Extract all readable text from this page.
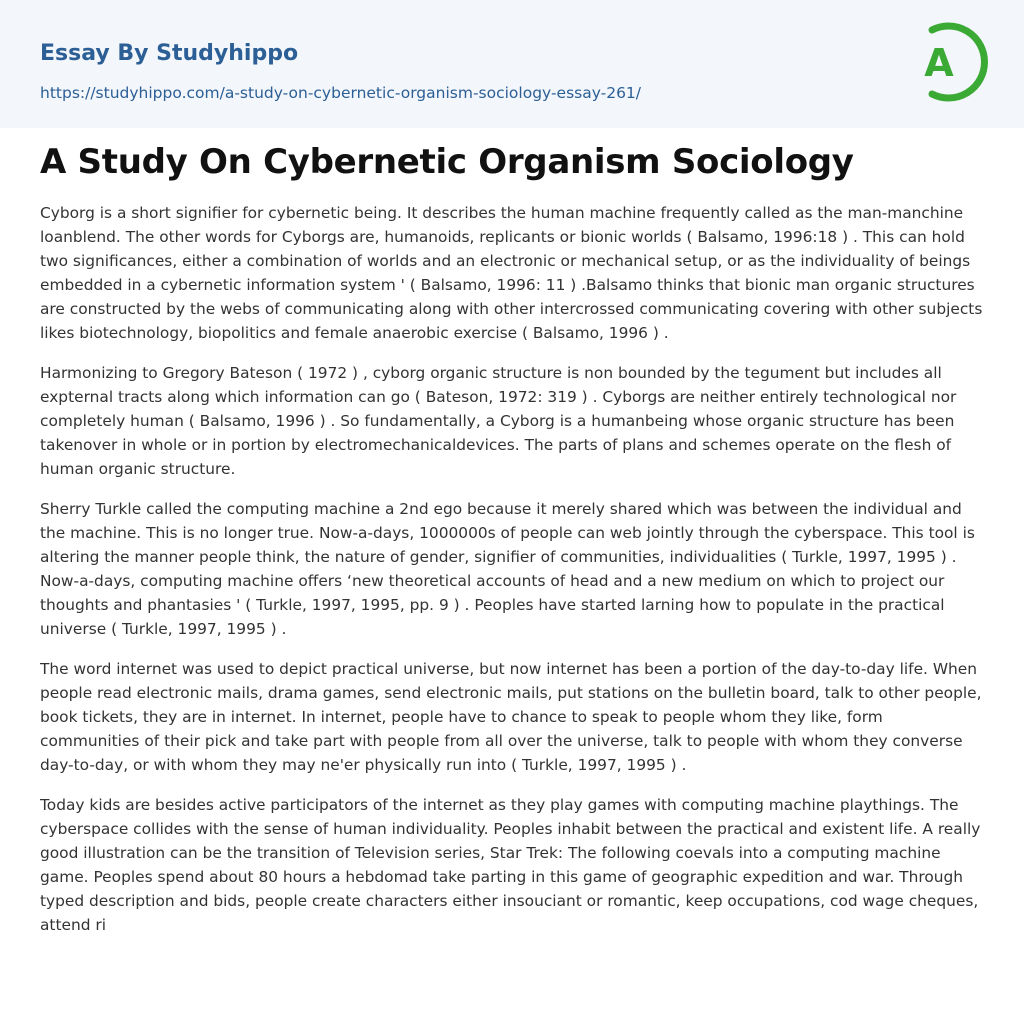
Essay By Studyhippo
https://studyhippo.com/a-study-on-cybernetic-organism-sociology-essay-261/
A
A Study On Cybernetic Organism Sociology

Cyborg is a short signifier for cybernetic being. It describes the human machine frequently called as the man-manchine loanblend. The other words for Cyborgs are, humanoids, replicants or bionic worlds ( Balsamo, 1996:18 ) . This can hold two significances, either a combination of worlds and an electronic or mechanical setup, or as the individuality of beings embedded in a cybernetic information system ' ( Balsamo, 1996: 11 ) .Balsamo thinks that bionic man organic structures are constructed by the webs of communicating along with other intercrossed communicating covering with other subjects likes biotechnology, biopolitics and female anaerobic exercise ( Balsamo, 1996 ) .

Harmonizing to Gregory Bateson ( 1972 ) , cyborg organic structure is non bounded by the tegument but includes all expternal tracts along which information can go ( Bateson, 1972: 319 ) . Cyborgs are neither entirely technological nor completely human ( Balsamo, 1996 ) . So fundamentally, a Cyborg is a humanbeing whose organic structure has been takenover in whole or in portion by electromechanicaldevices. The parts of plans and schemes operate on the flesh of human organic structure.

Sherry Turkle called the computing machine a 2nd ego because it merely shared which was between the individual and the machine. This is no longer true. Now-a-days, 1000000s of people can web jointly through the cyberspace. This tool is altering the manner people think, the nature of gender, signifier of communities, individualities ( Turkle, 1997, 1995 ) . Now-a-days, computing machine offers ‘new theoretical accounts of head and a new medium on which to project our thoughts and phantasies ' ( Turkle, 1997, 1995, pp. 9 ) . Peoples have started larning how to populate in the practical universe ( Turkle, 1997, 1995 ) .

The word internet was used to depict practical universe, but now internet has been a portion of the day-to-day life. When people read electronic mails, drama games, send electronic mails, put stations on the bulletin board, talk to other people, book tickets, they are in internet. In internet, people have to chance to speak to people whom they like, form communities of their pick and take part with people from all over the universe, talk to people with whom they converse day-to-day, or with whom they may ne'er physically run into ( Turkle, 1997, 1995 ) .

Today kids are besides active participators of the internet as they play games with computing machine playthings. The cyberspace collides with the sense of human individuality. Peoples inhabit between the practical and existent life. A really good illustration can be the transition of Television series, Star Trek: The following coevals into a computing machine game. Peoples spend about 80 hours a hebdomad take parting in this game of geographic expedition and war. Through typed description and bids, people create characters either insouciant or romantic, keep occupations, cod wage cheques, attend ri
